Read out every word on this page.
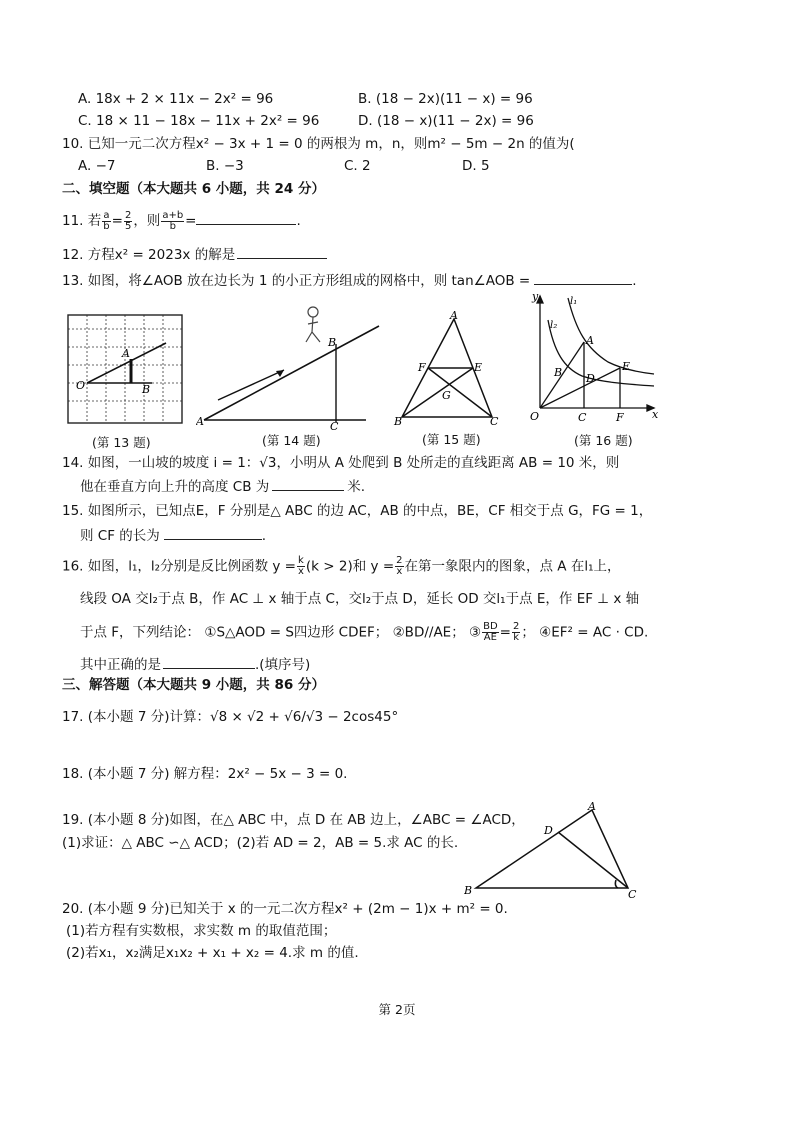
A. 18x + 2 × 11x − 2x² = 96	B. (18 − 2x)(11 − x) = 96
C. 18 × 11 − 18x − 11x + 2x² = 96	D. (18 − x)(11 − 2x) = 96
10. 已知一元二次方程x² − 3x + 1 = 0 的两根为 m，n，则m² − 5m − 2n 的值为(
A. −7	B. −3	C. 2	D. 5
二、填空题（本大题共 6 小题，共 24 分）
11. 若 $\frac{a}{b} = \frac{2}{5}$ ，则 $\frac{a+b}{b}$ =	.
12. 方程x² = 2023x 的解是
13. 如图，将∠AOB 放在边长为 1 的小正方形组成的网格中，则 tan∠AOB =	.
O
A
B
(第 13 题)
A
B
C
(第 14 题)
A
B	C
E
F
G
(第 15 题)
y
x
O
A
B
C
D
E
F
l₁
l₂
(第 16 题)
14. 如图，一山坡的坡度 i = 1：√3，小明从 A 处爬到 B 处所走的直线距离 AB = 10 米，则
他在垂直方向上升的高度 CB 为	米.
15. 如图所示，已知点E，F 分别是△ ABC 的边 AC，AB 的中点，BE，CF 相交于点 G，FG = 1，
则 CF 的长为	.
16. 如图，l₁，l₂分别是反比例函数 $y = \frac{k}{x} (k > 2)$和 $y = \frac{2}{x}$ 在第一象限内的图象，点 A 在l₁上，
线段 OA 交l₂于点 B，作 AC ⊥ x 轴于点 C，交l₂于点 D，延长 OD 交l₁于点 E，作 EF ⊥ x 轴
于点 F，下列结论： ①S△AOD = S四边形 CDEF； ②BD//AE； ③ $\frac{BD}{AE} = \frac{2}{k}$ ； ④EF² = AC · CD.
其中正确的是	.(填序号)
三、解答题（本大题共 9 小题，共 86 分）
17. (本小题 7 分)计算：√8 × √2 + √6/√3 − 2cos45°
18. (本小题 7 分) 解方程：2x² − 5x − 3 = 0.
19. (本小题 8 分)如图，在△ ABC 中，点 D 在 AB 边上，∠ABC = ∠ACD，
(1)求证：△ ABC ∽△ ACD；(2)若 AD = 2，AB = 5.求 AC 的长.
A
B	C
D
20. (本小题 9 分)已知关于 x 的一元二次方程x² + (2m − 1)x + m² = 0.
(1)若方程有实数根，求实数 m 的取值范围；
(2)若x₁，x₂满足x₁x₂ + x₁ + x₂ = 4.求 m 的值.
第 2页
